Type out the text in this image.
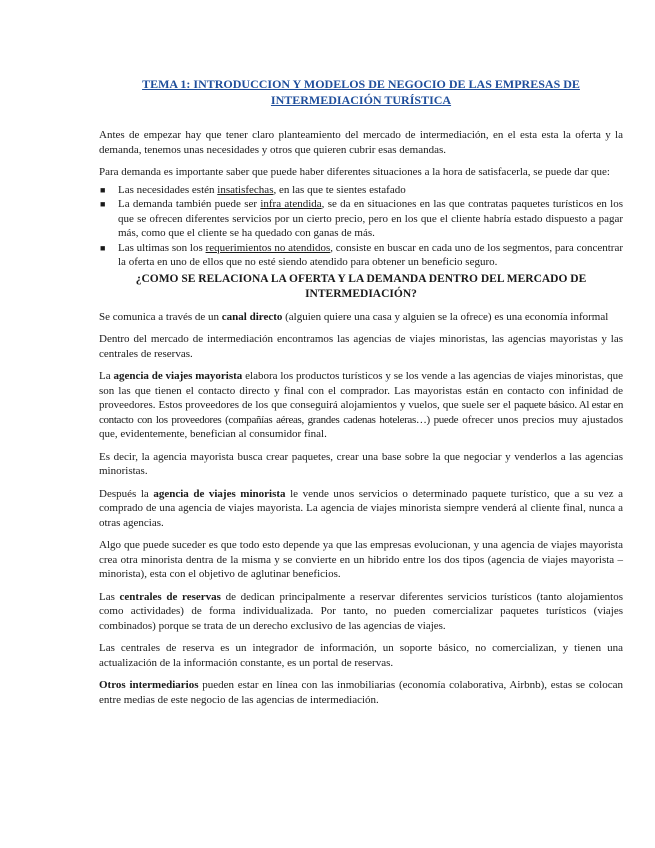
TEMA 1: INTRODUCCION Y MODELOS DE NEGOCIO DE LAS EMPRESAS DE INTERMEDIACIÓN TURÍSTICA

Antes de empezar hay que tener claro planteamiento del mercado de intermediación, en el esta esta la oferta y la demanda, tenemos unas necesidades y otros que quieren cubrir esas demandas.

Para demanda es importante saber que puede haber diferentes situaciones a la hora de satisfacerla, se puede dar que:

■ Las necesidades estén insatisfechas, en las que te sientes estafado
■ La demanda también puede ser infra atendida, se da en situaciones en las que contratas paquetes turísticos en los que se ofrecen diferentes servicios por un cierto precio, pero en los que el cliente habría estado dispuesto a pagar más, como que el cliente se ha quedado con ganas de más.
■ Las ultimas son los requerimientos no atendidos, consiste en buscar en cada uno de los segmentos, para concentrar la oferta en uno de ellos que no esté siendo atendido para obtener un beneficio seguro.
¿COMO SE RELACIONA LA OFERTA Y LA DEMANDA DENTRO DEL MERCADO DE INTERMEDIACIÓN?

Se comunica a través de un canal directo (alguien quiere una casa y alguien se la ofrece) es una economía informal

Dentro del mercado de intermediación encontramos las agencias de viajes minoristas, las agencias mayoristas y las centrales de reservas.

La agencia de viajes mayorista elabora los productos turísticos y se los vende a las agencias de viajes minoristas, que son las que tienen el contacto directo y final con el comprador. Las mayoristas están en contacto con infinidad de proveedores. Estos proveedores de los que conseguirá alojamientos y vuelos, que suele ser el paquete básico. Al estar en contacto con los proveedores (compañías aéreas, grandes cadenas hoteleras…) puede ofrecer unos precios muy ajustados que, evidentemente, benefician al consumidor final.

Es decir, la agencia mayorista busca crear paquetes, crear una base sobre la que negociar y venderlos a las agencias minoristas.

Después la agencia de viajes minorista le vende unos servicios o determinado paquete turístico, que a su vez a comprado de una agencia de viajes mayorista. La agencia de viajes minorista siempre venderá al cliente final, nunca a otras agencias.

Algo que puede suceder es que todo esto depende ya que las empresas evolucionan, y una agencia de viajes mayorista crea otra minorista dentra de la misma y se convierte en un hibrido entre los dos tipos (agencia de viajes mayorista – minorista), esta con el objetivo de aglutinar beneficios.

Las centrales de reservas de dedican principalmente a reservar diferentes servicios turísticos (tanto alojamientos como actividades) de forma individualizada. Por tanto, no pueden comercializar paquetes turísticos (viajes combinados) porque se trata de un derecho exclusivo de las agencias de viajes.

Las centrales de reserva es un integrador de información, un soporte básico, no comercializan, y tienen una actualización de la información constante, es un portal de reservas.

Otros intermediarios pueden estar en línea con las inmobiliarias (economía colaborativa, Airbnb), estas se colocan entre medias de este negocio de las agencias de intermediación.
